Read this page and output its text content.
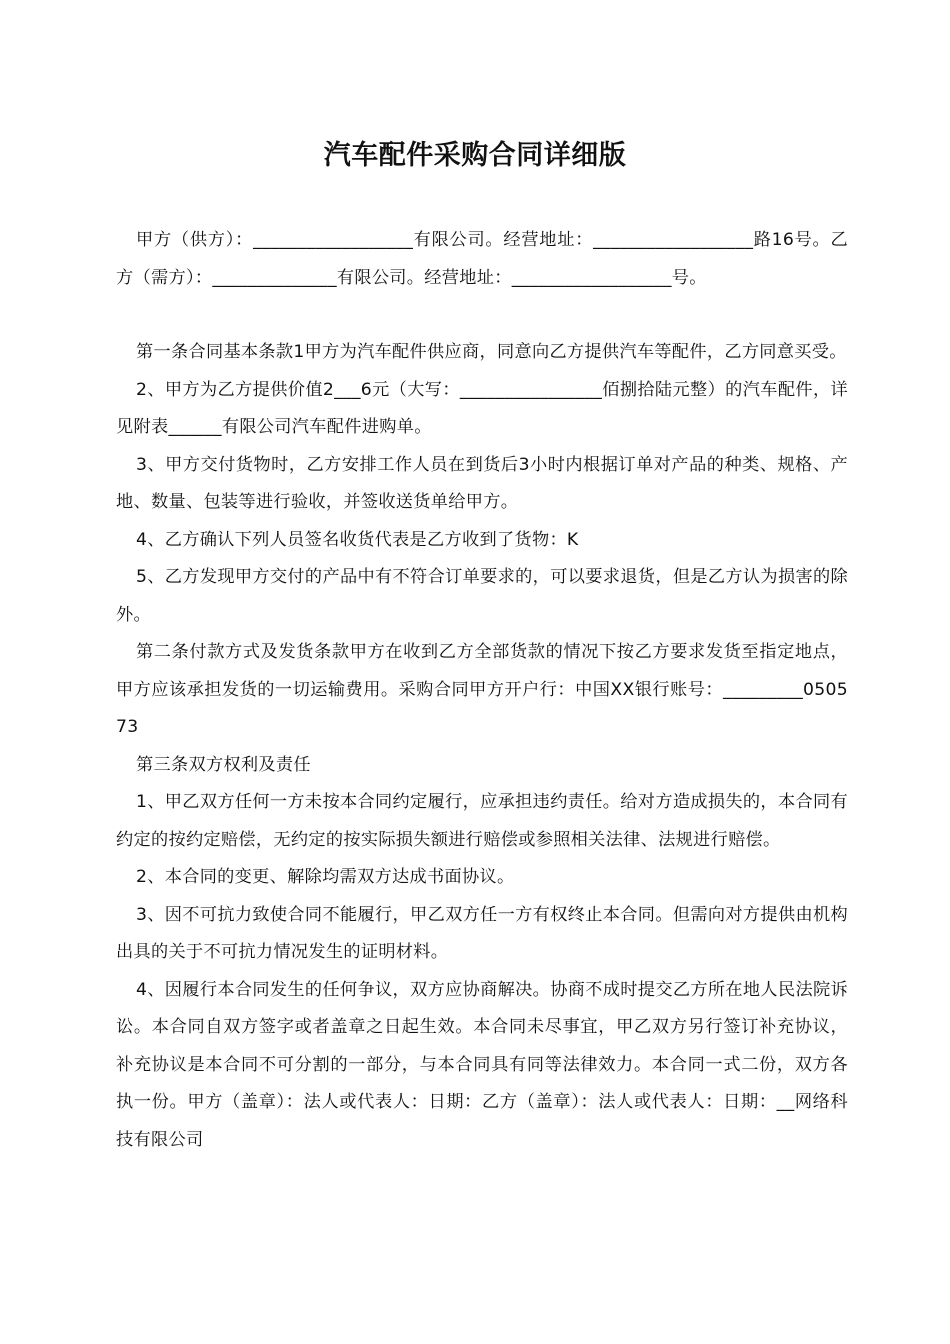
汽车配件采购合同详细版

甲方（供方）：__________________有限公司。经营地址：__________________路16号。乙方（需方）：______________有限公司。经营地址：__________________号。

第一条合同基本条款1甲方为汽车配件供应商，同意向乙方提供汽车等配件，乙方同意买受。

2、甲方为乙方提供价值2___6元（大写：________________佰捌拾陆元整）的汽车配件，详见附表______有限公司汽车配件进购单。

3、甲方交付货物时，乙方安排工作人员在到货后3小时内根据订单对产品的种类、规格、产地、数量、包装等进行验收，并签收送货单给甲方。

4、乙方确认下列人员签名收货代表是乙方收到了货物：K

5、乙方发现甲方交付的产品中有不符合订单要求的，可以要求退货，但是乙方认为损害的除外。

第二条付款方式及发货条款甲方在收到乙方全部货款的情况下按乙方要求发货至指定地点，甲方应该承担发货的一切运输费用。采购合同甲方开户行：中国XX银行账号：_________050573

第三条双方权利及责任

1、甲乙双方任何一方未按本合同约定履行，应承担违约责任。给对方造成损失的，本合同有约定的按约定赔偿，无约定的按实际损失额进行赔偿或参照相关法律、法规进行赔偿。

2、本合同的变更、解除均需双方达成书面协议。

3、因不可抗力致使合同不能履行，甲乙双方任一方有权终止本合同。但需向对方提供由机构出具的关于不可抗力情况发生的证明材料。

4、因履行本合同发生的任何争议，双方应协商解决。协商不成时提交乙方所在地人民法院诉讼。本合同自双方签字或者盖章之日起生效。本合同未尽事宜，甲乙双方另行签订补充协议，补充协议是本合同不可分割的一部分，与本合同具有同等法律效力。本合同一式二份，双方各执一份。甲方（盖章）：法人或代表人：日期：乙方（盖章）：法人或代表人：日期：__网络科技有限公司
